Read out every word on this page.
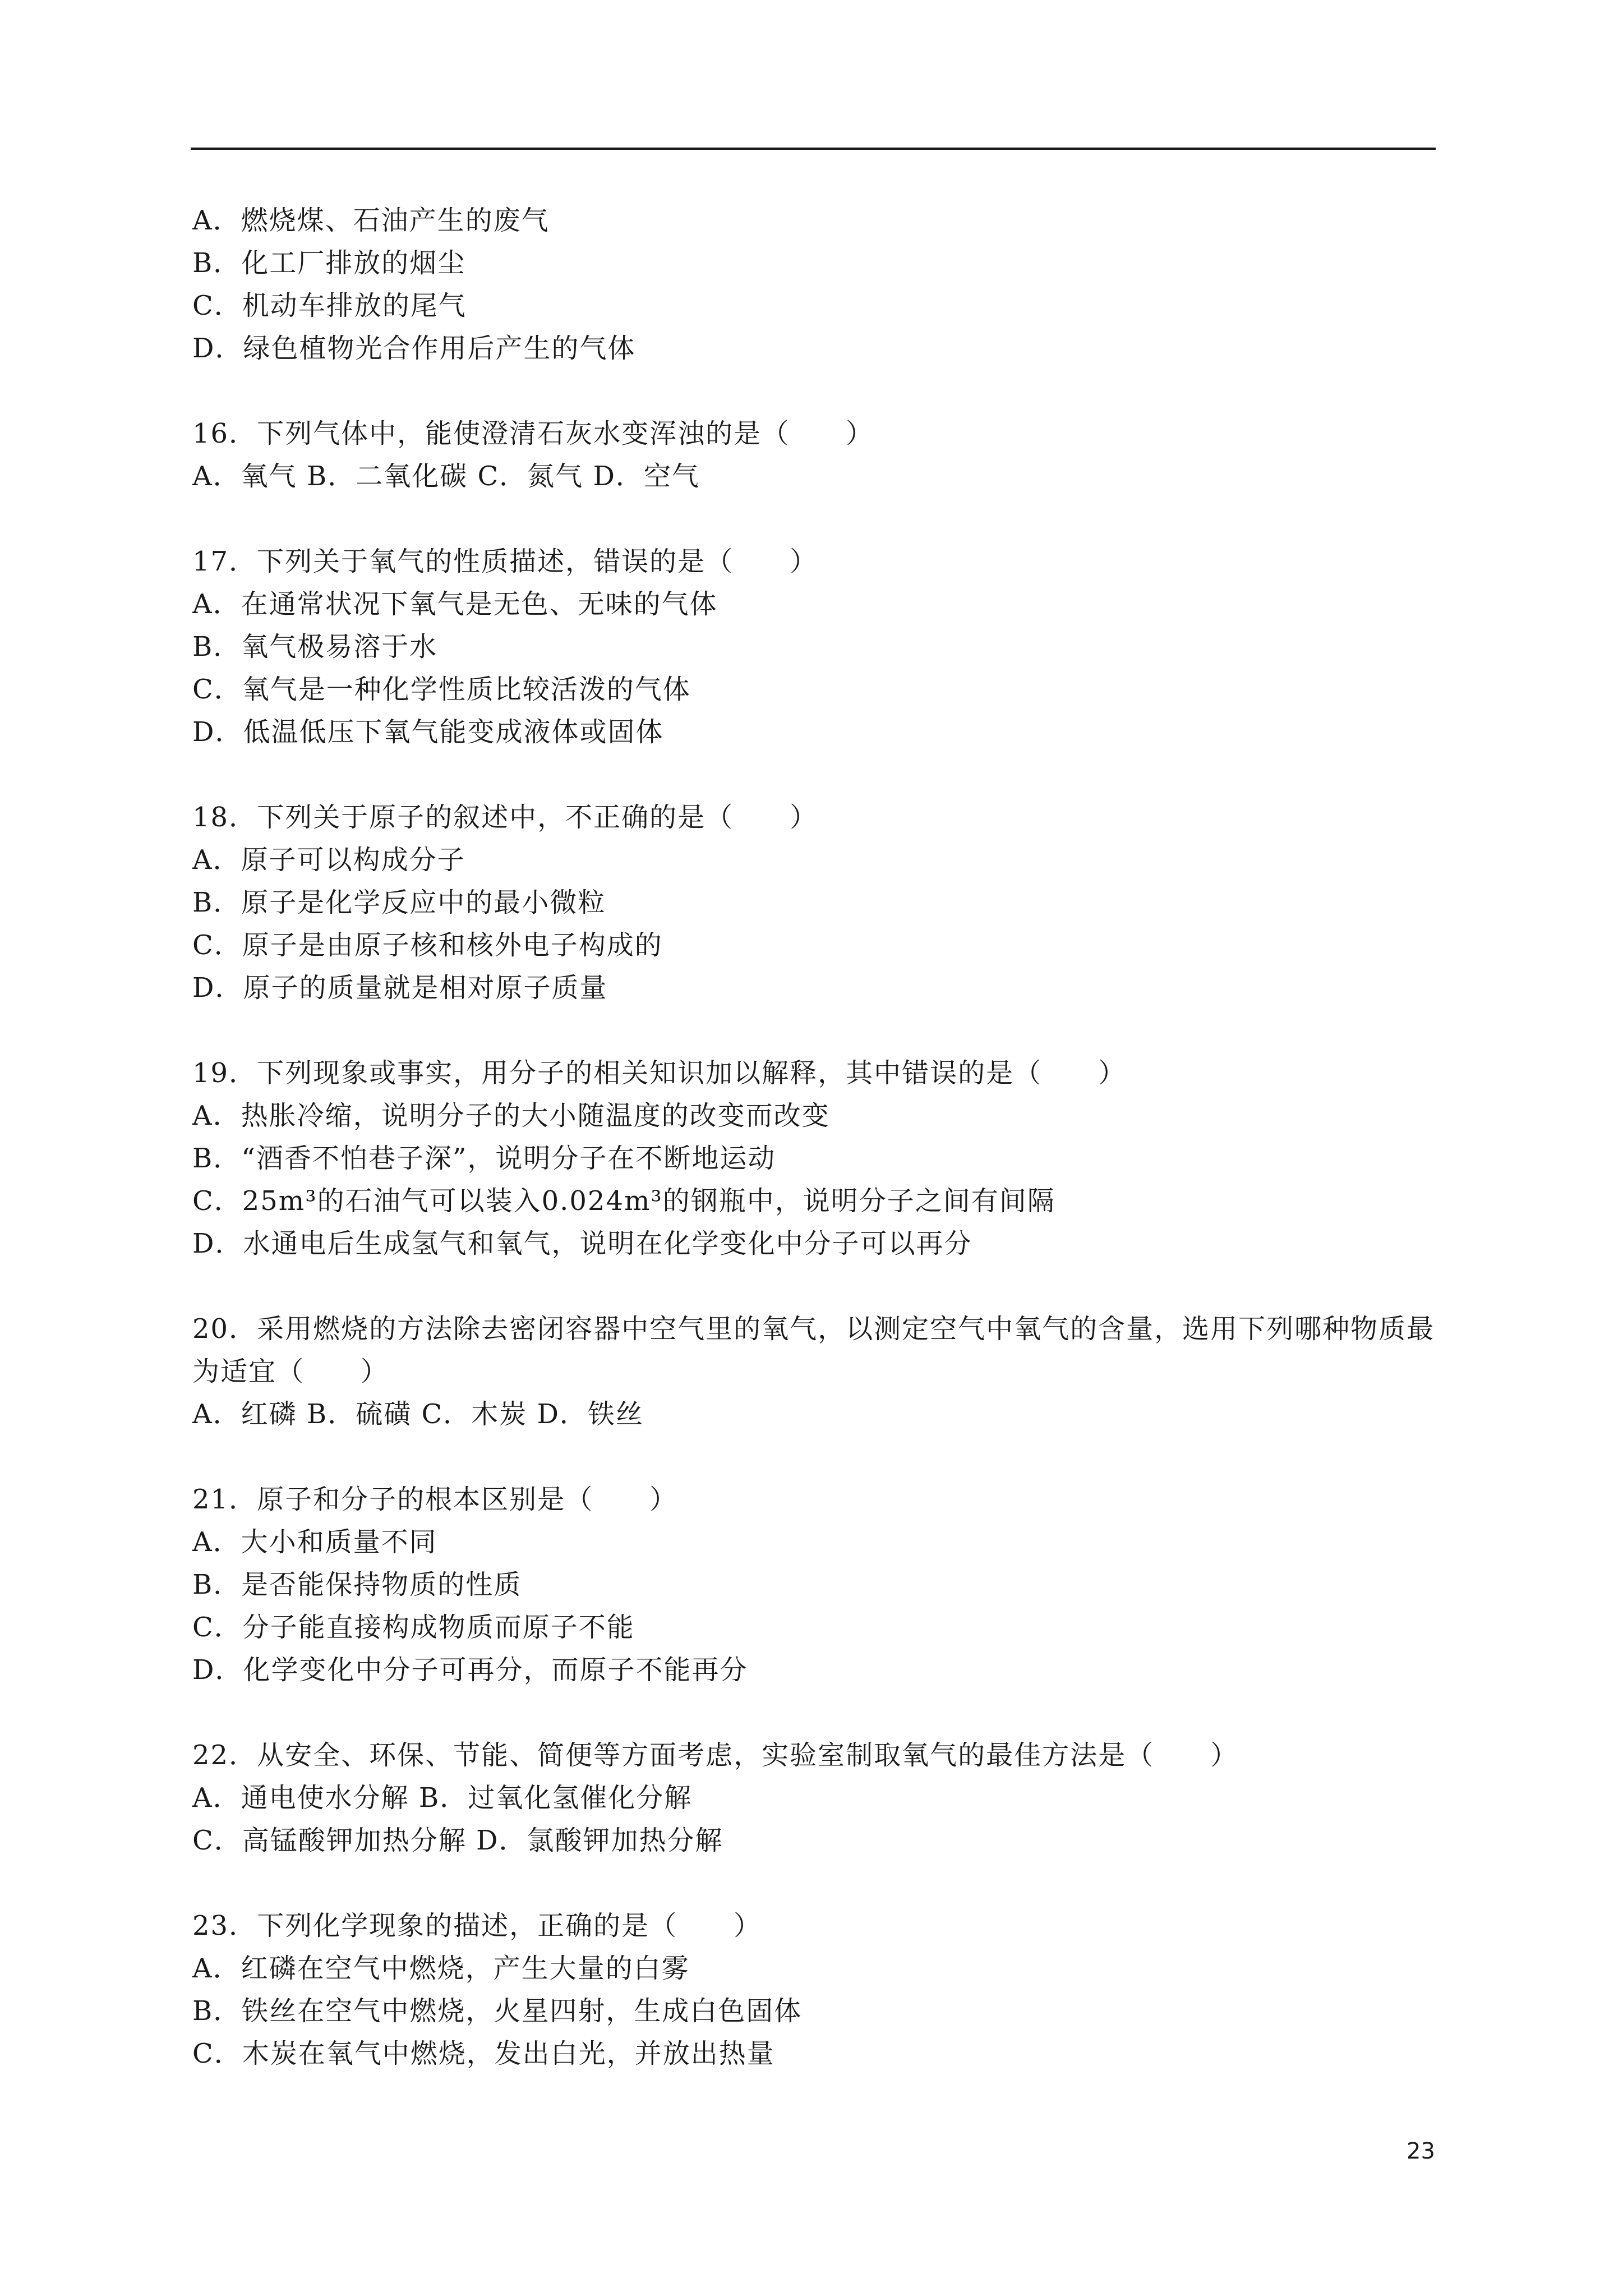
A．燃烧煤、石油产生的废气
B．化工厂排放的烟尘
C．机动车排放的尾气
D．绿色植物光合作用后产生的气体
16．下列气体中，能使澄清石灰水变浑浊的是（　　）
A．氧气 B．二氧化碳 C．氮气 D．空气
17．下列关于氧气的性质描述，错误的是（　　）
A．在通常状况下氧气是无色、无味的气体
B．氧气极易溶于水
C．氧气是一种化学性质比较活泼的气体
D．低温低压下氧气能变成液体或固体
18．下列关于原子的叙述中，不正确的是（　　）
A．原子可以构成分子
B．原子是化学反应中的最小微粒
C．原子是由原子核和核外电子构成的
D．原子的质量就是相对原子质量
19．下列现象或事实，用分子的相关知识加以解释，其中错误的是（　　）
A．热胀冷缩，说明分子的大小随温度的改变而改变
B．“酒香不怕巷子深”，说明分子在不断地运动
C．25m³的石油气可以装入0.024m³的钢瓶中，说明分子之间有间隔
D．水通电后生成氢气和氧气，说明在化学变化中分子可以再分
20．采用燃烧的方法除去密闭容器中空气里的氧气，以测定空气中氧气的含量，选用下列哪种物质最为适宜（　　）
A．红磷 B．硫磺 C．木炭 D．铁丝
21．原子和分子的根本区别是（　　）
A．大小和质量不同
B．是否能保持物质的性质
C．分子能直接构成物质而原子不能
D．化学变化中分子可再分，而原子不能再分
22．从安全、环保、节能、简便等方面考虑，实验室制取氧气的最佳方法是（　　）
A．通电使水分解 B．过氧化氢催化分解
C．高锰酸钾加热分解 D．氯酸钾加热分解
23．下列化学现象的描述，正确的是（　　）
A．红磷在空气中燃烧，产生大量的白雾
B．铁丝在空气中燃烧，火星四射，生成白色固体
C．木炭在氧气中燃烧，发出白光，并放出热量
23
